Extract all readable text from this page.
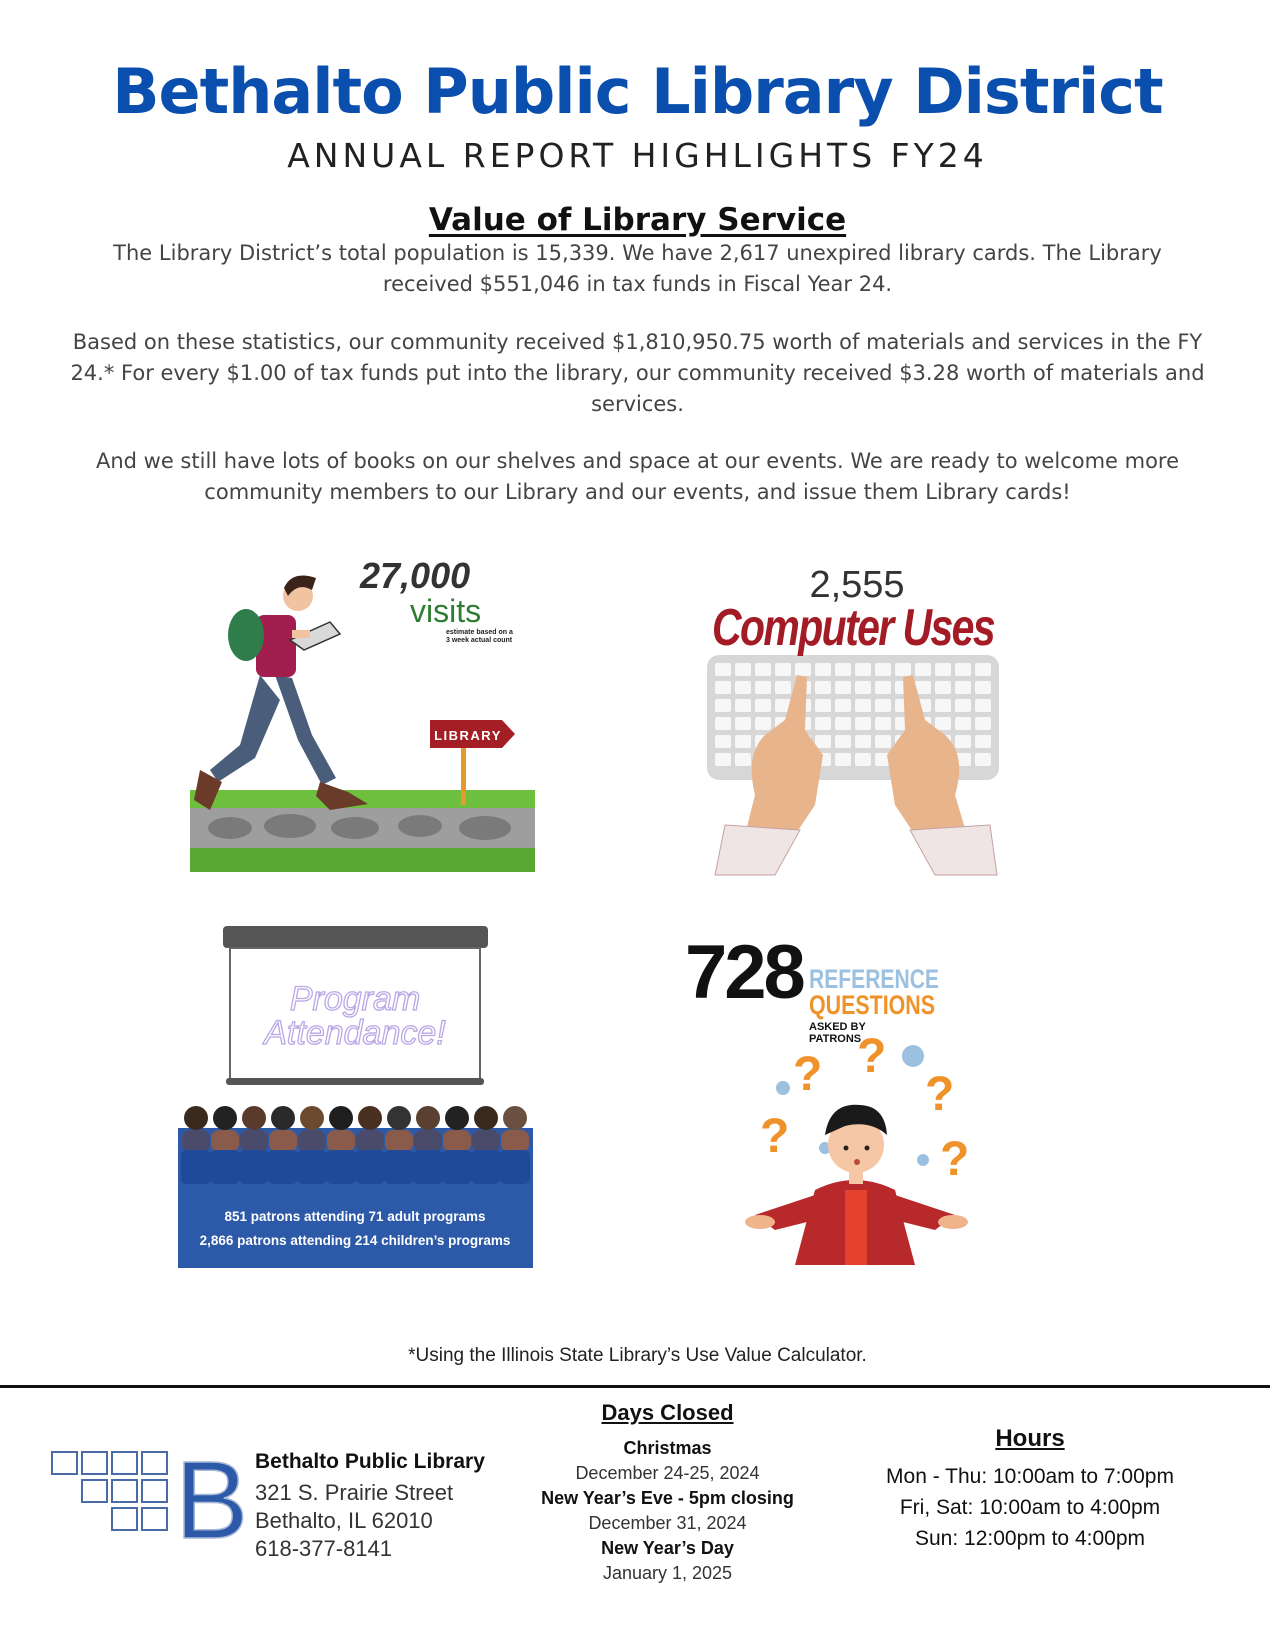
Bethalto Public Library District
ANNUAL REPORT HIGHLIGHTS FY24
Value of Library Service
The Library District’s total population is 15,339. We have 2,617 unexpired library cards. The Library received $551,046 in tax funds in Fiscal Year 24.
Based on these statistics, our community received $1,810,950.75 worth of materials and services in the FY 24.* For every $1.00 of tax funds put into the library, our community received $3.28 worth of materials and services.
And we still have lots of books on our shelves and space at our events. We are ready to welcome more community members to our Library and our events, and issue them Library cards!
LIBRARY
27,000
visits
estimate based on a
3 week actual count
2,555
Computer Uses
Program
Attendance!
851 patrons attending 71 adult programs
2,866 patrons attending 214 children’s programs
728 REFERENCE
QUESTIONS
ASKED BY
PATRONS
? ?
?
?	?
*Using the Illinois State Library’s Use Value Calculator.
B Bethalto Public Library
321 S. Prairie Street
Bethalto, IL 62010
618-377-8141
Days Closed
Christmas
December 24-25, 2024
New Year’s Eve - 5pm closing
December 31, 2024
New Year’s Day
January 1, 2025
Hours
Mon - Thu: 10:00am to 7:00pm
Fri, Sat: 10:00am to 4:00pm
Sun: 12:00pm to 4:00pm
